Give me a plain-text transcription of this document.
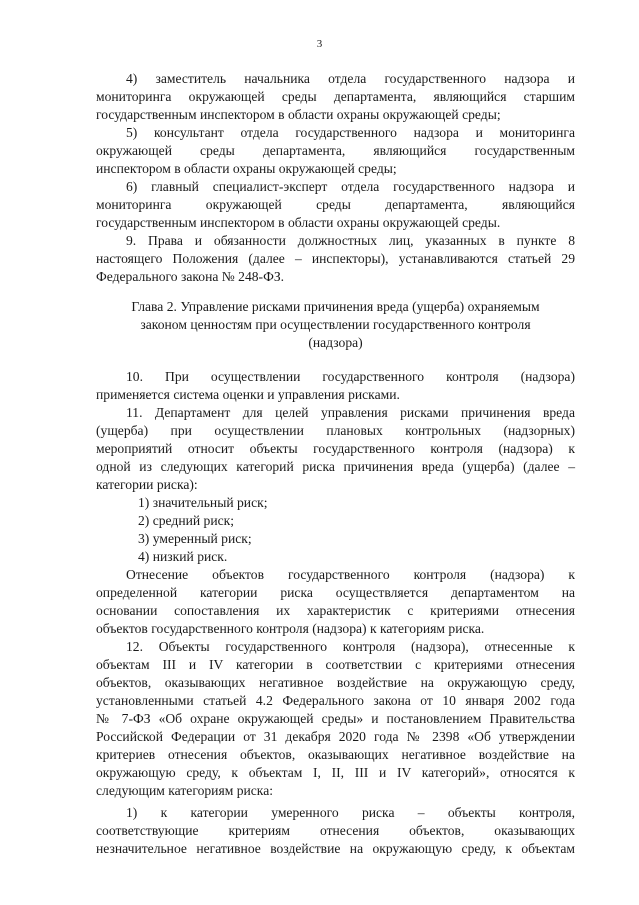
3
4) заместитель начальника отдела государственного надзора и
мониторинга окружающей среды департамента, являющийся старшим
государственным инспектором в области охраны окружающей среды;
5) консультант отдела государственного надзора и мониторинга
окружающей среды департамента, являющийся государственным
инспектором в области охраны окружающей среды;
6) главный специалист-эксперт отдела государственного надзора и
мониторинга окружающей среды департамента, являющийся
государственным инспектором в области охраны окружающей среды.
9. Права и обязанности должностных лиц, указанных в пункте 8
настоящего Положения (далее – инспекторы), устанавливаются статьей 29
Федерального закона № 248-ФЗ.
Глава 2. Управление рисками причинения вреда (ущерба) охраняемым
законом ценностям при осуществлении государственного контроля
(надзора)
10. При осуществлении государственного контроля (надзора)
применяется система оценки и управления рисками.
11. Департамент для целей управления рисками причинения вреда
(ущерба) при осуществлении плановых контрольных (надзорных)
мероприятий относит объекты государственного контроля (надзора) к
одной из следующих категорий риска причинения вреда (ущерба) (далее –
категории риска):
1) значительный риск;
2) средний риск;
3) умеренный риск;
4) низкий риск.
Отнесение объектов государственного контроля (надзора) к
определенной категории риска осуществляется департаментом на
основании сопоставления их характеристик с критериями отнесения
объектов государственного контроля (надзора) к категориям риска.
12. Объекты государственного контроля (надзора), отнесенные к
объектам III и IV категории в соответствии с критериями отнесения
объектов, оказывающих негативное воздействие на окружающую среду,
установленными статьей 4.2 Федерального закона от 10 января 2002 года
№ 7-ФЗ «Об охране окружающей среды» и постановлением Правительства
Российской Федерации от 31 декабря 2020 года № 2398 «Об утверждении
критериев отнесения объектов, оказывающих негативное воздействие на
окружающую среду, к объектам I, II, III и IV категорий», относятся к
следующим категориям риска:
1) к категории умеренного риска – объекты контроля,
соответствующие критериям отнесения объектов, оказывающих
незначительное негативное воздействие на окружающую среду, к объектам
